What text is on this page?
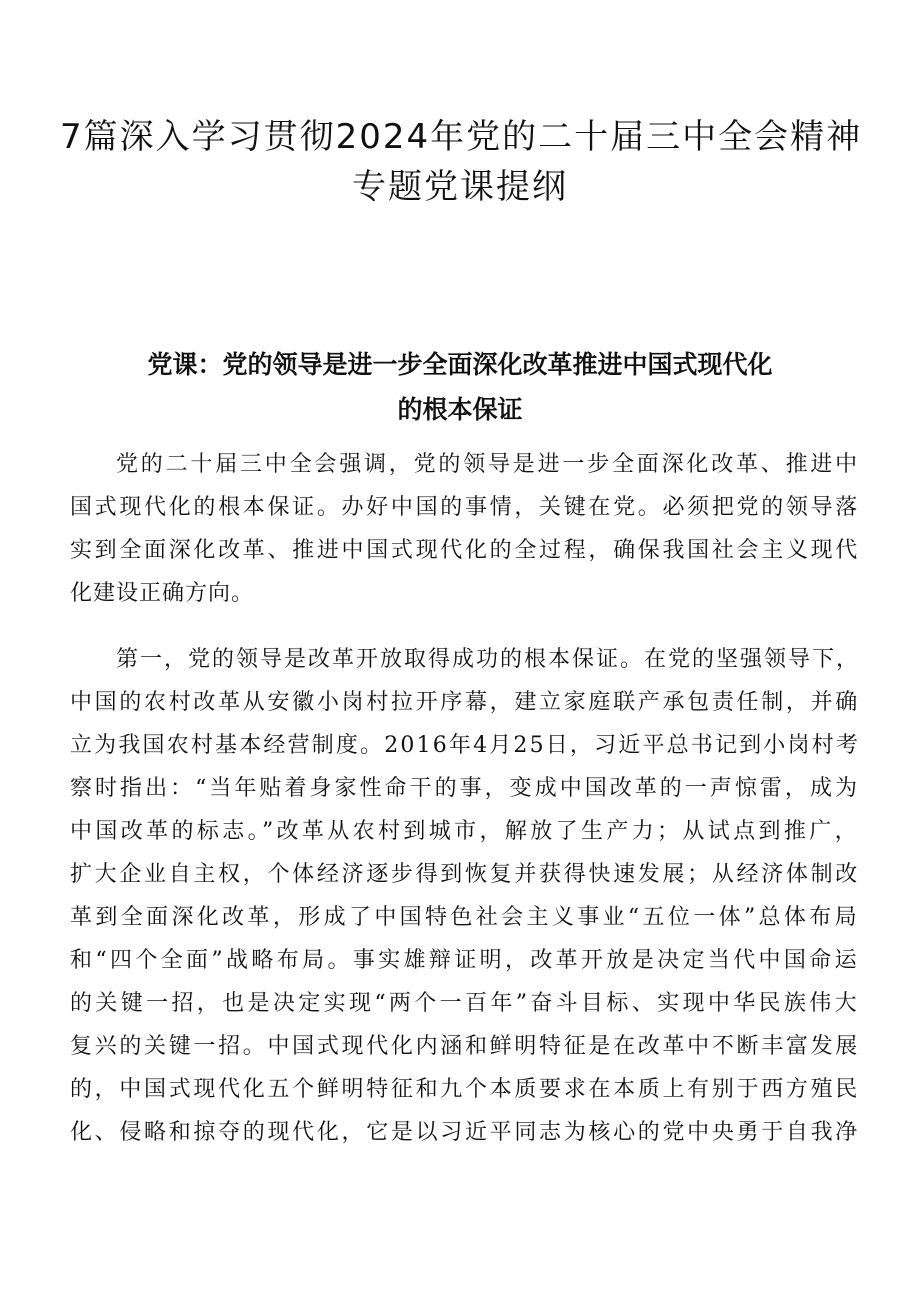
7篇深入学习贯彻2024年党的二十届三中全会精神
专题党课提纲
党课：党的领导是进一步全面深化改革推进中国式现代化
的根本保证
党的二十届三中全会强调，党的领导是进一步全面深化改革、推进中
国式现代化的根本保证。办好中国的事情，关键在党。必须把党的领导落
实到全面深化改革、推进中国式现代化的全过程，确保我国社会主义现代
化建设正确方向。
第一，党的领导是改革开放取得成功的根本保证。在党的坚强领导下，
中国的农村改革从安徽小岗村拉开序幕，建立家庭联产承包责任制，并确
立为我国农村基本经营制度。2016年4月25日，习近平总书记到小岗村考
察时指出：“当年贴着身家性命干的事，变成中国改革的一声惊雷，成为
中国改革的标志。”改革从农村到城市，解放了生产力；从试点到推广，
扩大企业自主权，个体经济逐步得到恢复并获得快速发展；从经济体制改
革到全面深化改革，形成了中国特色社会主义事业“五位一体”总体布局
和“四个全面”战略布局。事实雄辩证明，改革开放是决定当代中国命运
的关键一招，也是决定实现“两个一百年”奋斗目标、实现中华民族伟大
复兴的关键一招。中国式现代化内涵和鲜明特征是在改革中不断丰富发展
的，中国式现代化五个鲜明特征和九个本质要求在本质上有别于西方殖民
化、侵略和掠夺的现代化，它是以习近平同志为核心的党中央勇于自我净
